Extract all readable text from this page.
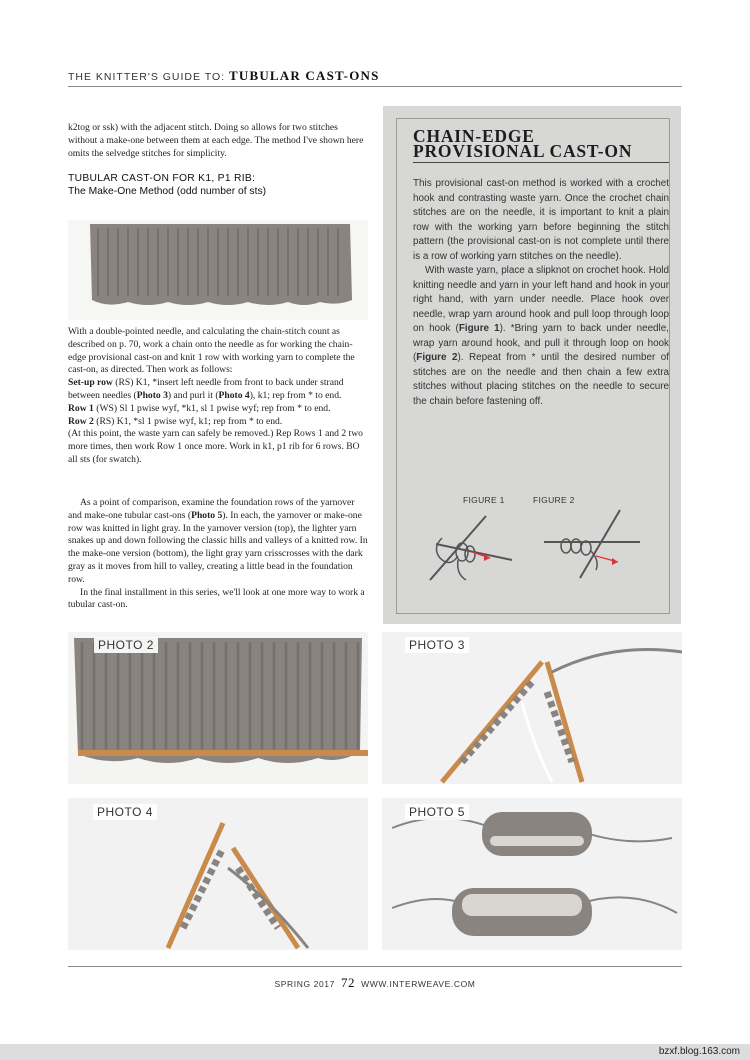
THE KNITTER'S GUIDE TO: TUBULAR CAST-ONS

k2tog or ssk) with the adjacent stitch. Doing so allows for two stitches without a make-one between them at each edge. The method I've shown here omits the selvedge stitches for simplicity.

TUBULAR CAST-ON FOR K1, P1 RIB:
The Make-One Method (odd number of sts)

With a double-pointed needle, and calculating the chain-stitch count as described on p. 70, work a chain onto the needle as for working the chain-edge provisional cast-on and knit 1 row with working yarn to complete the cast-on, as directed. Then work as follows:

Set-up row (RS) K1, *insert left needle from front to back under strand between needles (Photo 3) and purl it (Photo 4), k1; rep from * to end.

Row 1 (WS) Sl 1 pwise wyf, *k1, sl 1 pwise wyf; rep from * to end.

Row 2 (RS) K1, *sl 1 pwise wyf, k1; rep from * to end.

(At this point, the waste yarn can safely be removed.) Rep Rows 1 and 2 two more times, then work Row 1 once more. Work in k1, p1 rib for 6 rows. BO all sts (for swatch).

As a point of comparison, examine the foundation rows of the yarnover and make-one tubular cast-ons (Photo 5). In each, the yarnover or make-one row was knitted in light gray. In the yarnover version (top), the lighter yarn snakes up and down following the classic hills and valleys of a knitted row. In the make-one version (bottom), the light gray yarn crisscrosses with the dark gray as it moves from hill to valley, creating a little bead in the foundation row.

In the final installment in this series, we'll look at one more way to work a tubular cast-on.

CHAIN-EDGE
PROVISIONAL CAST-ON

This provisional cast-on method is worked with a crochet hook and contrasting waste yarn. Once the crochet chain stitches are on the needle, it is important to knit a plain row with the working yarn before beginning the stitch pattern (the provisional cast-on is not complete until there is a row of working yarn stitches on the needle).

With waste yarn, place a slipknot on crochet hook. Hold knitting needle and yarn in your left hand and hook in your right hand, with yarn under needle. Place hook over needle, wrap yarn around hook and pull loop through loop on hook (Figure 1). *Bring yarn to back under needle, wrap yarn around hook, and pull it through loop on hook (Figure 2). Repeat from * until the desired number of stitches are on the needle and then chain a few extra stitches without placing stitches on the needle to secure the chain before fastening off.

FIGURE 1	FIGURE 2
PHOTO 2	PHOTO 3
PHOTO 4	PHOTO 5
SPRING 2017 72 WWW.INTERWEAVE.COM
bzxf.blog.163.com
